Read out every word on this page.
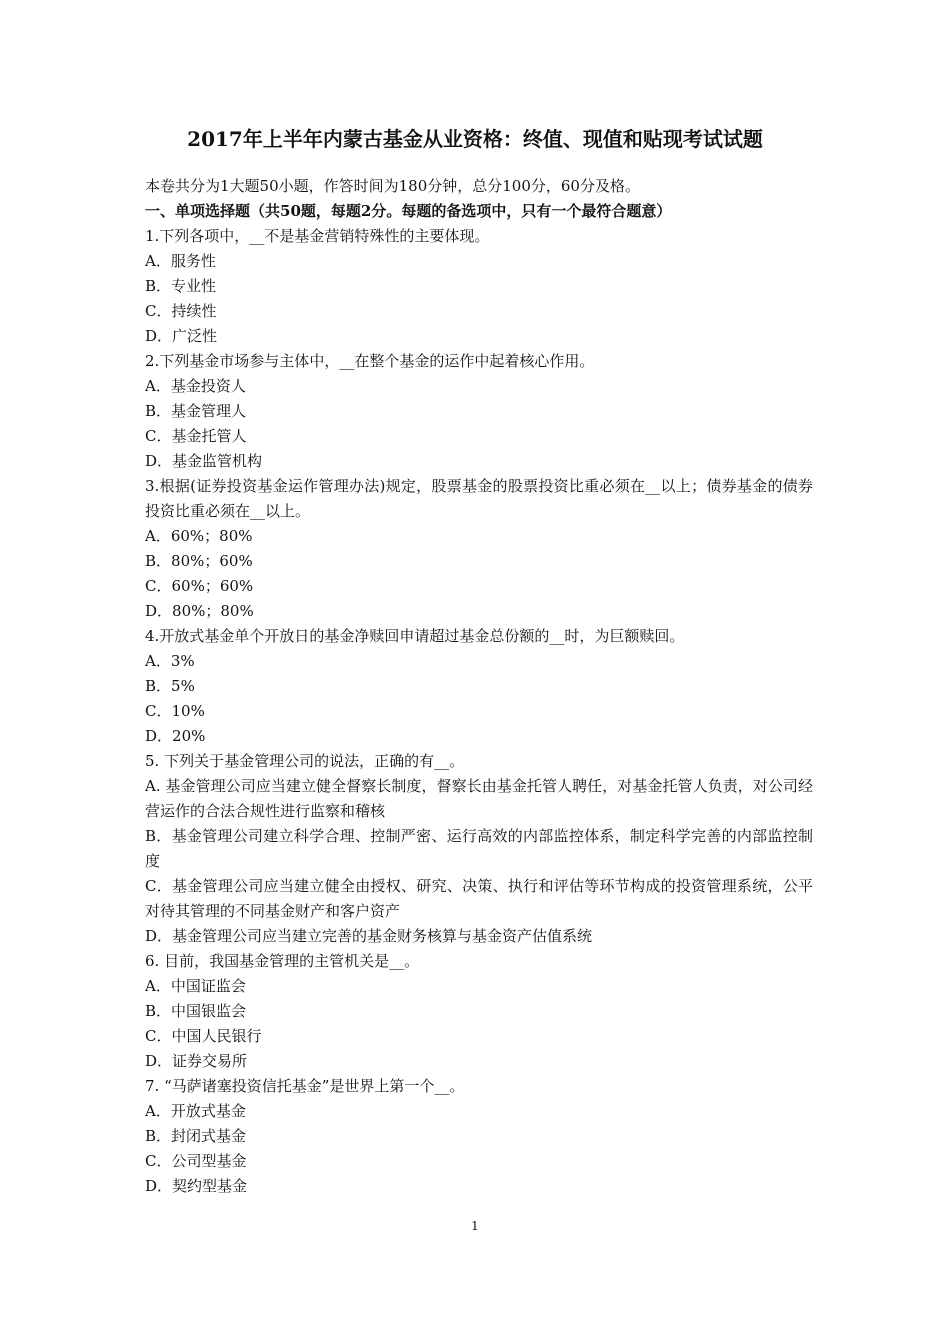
2017年上半年内蒙古基金从业资格：终值、现值和贴现考试试题
本卷共分为1大题50小题，作答时间为180分钟，总分100分，60分及格。
一、单项选择题（共50题，每题2分。每题的备选项中，只有一个最符合题意）
1.下列各项中，__不是基金营销特殊性的主要体现。
A．服务性
B．专业性
C．持续性
D．广泛性
2.下列基金市场参与主体中，__在整个基金的运作中起着核心作用。
A．基金投资人
B．基金管理人
C．基金托管人
D．基金监管机构
3.根据(证券投资基金运作管理办法)规定，股票基金的股票投资比重必须在__以上；债券基金的债券投资比重必须在__以上。
A．60%；80%
B．80%；60%
C．60%；60%
D．80%；80%
4.开放式基金单个开放日的基金净赎回申请超过基金总份额的__时，为巨额赎回。
A．3%
B．5%
C．10%
D．20%
5. 下列关于基金管理公司的说法，正确的有__。
A. 基金管理公司应当建立健全督察长制度，督察长由基金托管人聘任，对基金托管人负责，对公司经营运作的合法合规性进行监察和稽核
B．基金管理公司建立科学合理、控制严密、运行高效的内部监控体系，制定科学完善的内部监控制度
C．基金管理公司应当建立健全由授权、研究、决策、执行和评估等环节构成的投资管理系统，公平对待其管理的不同基金财产和客户资产
D．基金管理公司应当建立完善的基金财务核算与基金资产估值系统
6. 目前，我国基金管理的主管机关是__。
A．中国证监会
B．中国银监会
C．中国人民银行
D．证券交易所
7. “马萨诸塞投资信托基金”是世界上第一个__。
A．开放式基金
B．封闭式基金
C．公司型基金
D．契约型基金
1
